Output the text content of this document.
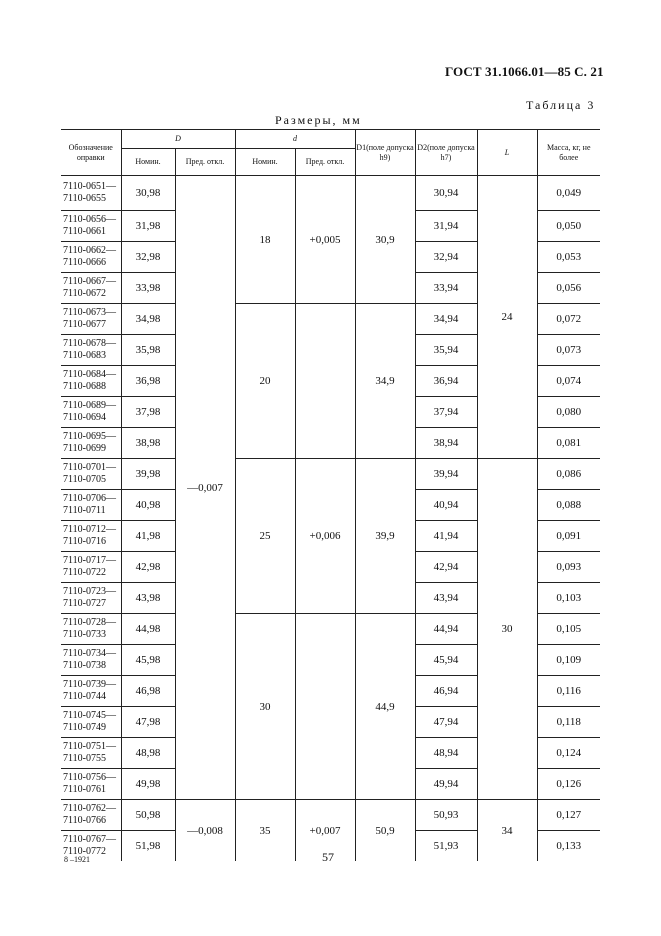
ГОСТ 31.1066.01—85 С. 21
Таблица 3
Размеры, мм
Обозначение оправки	D		d		D1(поле допуска h9)	D2(поле допуска h7)	L	Масса, кг, не более
	Номин.	Пред. откл.	Номин.	Пред. откл.				

7110-0651—
7110-0655	30,98	—0,007	18	+0,005	30,9	30,94	24	0,049

7110-0656—
7110-0661	31,98					31,94		0,050

7110-0662—
7110-0666	32,98					32,94		0,053

7110-0667—
7110-0672	33,98					33,94		0,056

7110-0673—
7110-0677	34,98		20		34,9	34,94		0,072

7110-0678—
7110-0683	35,98					35,94		0,073

7110-0684—
7110-0688	36,98					36,94		0,074

7110-0689—
7110-0694	37,98					37,94		0,080

7110-0695—
7110-0699	38,98					38,94		0,081

7110-0701—
7110-0705	39,98		25	+0,006	39,9	39,94	30	0,086

7110-0706—
7110-0711	40,98					40,94		0,088

7110-0712—
7110-0716	41,98					41,94		0,091

7110-0717—
7110-0722	42,98					42,94		0,093

7110-0723—
7110-0727	43,98					43,94		0,103

7110-0728—
7110-0733	44,98		30		44,9	44,94		0,105

7110-0734—
7110-0738	45,98					45,94		0,109

7110-0739—
7110-0744	46,98					46,94		0,116

7110-0745—
7110-0749	47,98					47,94		0,118

7110-0751—
7110-0755	48,98					48,94		0,124

7110-0756—
7110-0761	49,98					49,94		0,126

7110-0762—
7110-0766	50,98	—0,008	35	+0,007	50,9	50,93	34	0,127

7110-0767—
7110-0772	51,98					51,93		0,133
8 –1921	57
